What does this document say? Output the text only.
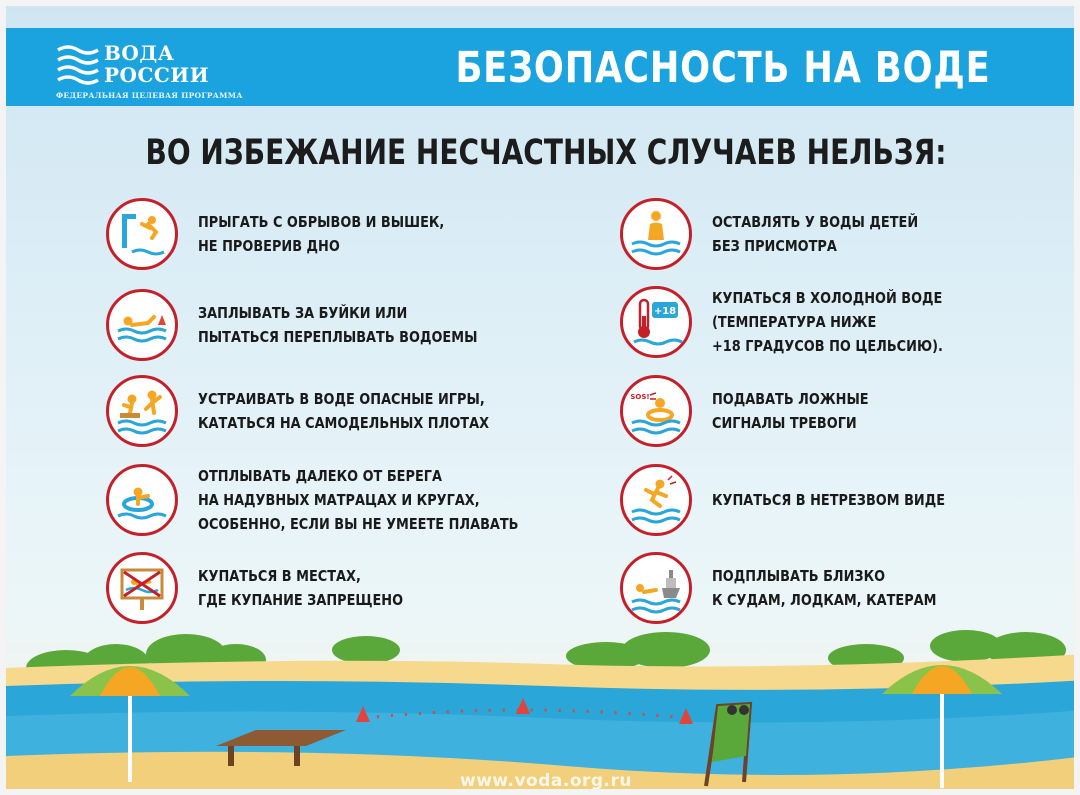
ВОДА
РОССИИ
ФЕДЕРАЛЬНАЯ ЦЕЛЕВАЯ ПРОГРАММА
БЕЗОПАСНОСТЬ НА ВОДЕ
ВО ИЗБЕЖАНИЕ НЕСЧАСТНЫХ СЛУЧАЕВ НЕЛЬЗЯ:
ПРЫГАТЬ С ОБРЫВОВ И ВЫШЕК,
НЕ ПРОВЕРИВ ДНО
ЗАПЛЫВАТЬ ЗА БУЙКИ ИЛИ
ПЫТАТЬСЯ ПЕРЕПЛЫВАТЬ ВОДОЕМЫ
УСТРАИВАТЬ В ВОДЕ ОПАСНЫЕ ИГРЫ,
КАТАТЬСЯ НА САМОДЕЛЬНЫХ ПЛОТАХ
ОТПЛЫВАТЬ ДАЛЕКО ОТ БЕРЕГА
НА НАДУВНЫХ МАТРАЦАХ И КРУГАХ,
ОСОБЕННО, ЕСЛИ ВЫ НЕ УМЕЕТЕ ПЛАВАТЬ
КУПАТЬСЯ В МЕСТАХ,
ГДЕ КУПАНИЕ ЗАПРЕЩЕНО
ОСТАВЛЯТЬ У ВОДЫ ДЕТЕЙ
БЕЗ ПРИСМОТРА
+18
КУПАТЬСЯ В ХОЛОДНОЙ ВОДЕ
(ТЕМПЕРАТУРА НИЖЕ
+18 ГРАДУСОВ ПО ЦЕЛЬСИЮ).
SOS!	ПОДАВАТЬ ЛОЖНЫЕ
СИГНАЛЫ ТРЕВОГИ
КУПАТЬСЯ В НЕТРЕЗВОМ ВИДЕ
ПОДПЛЫВАТЬ БЛИЗКО
К СУДАМ, ЛОДКАМ, КАТЕРАМ
www.voda.org.ru
